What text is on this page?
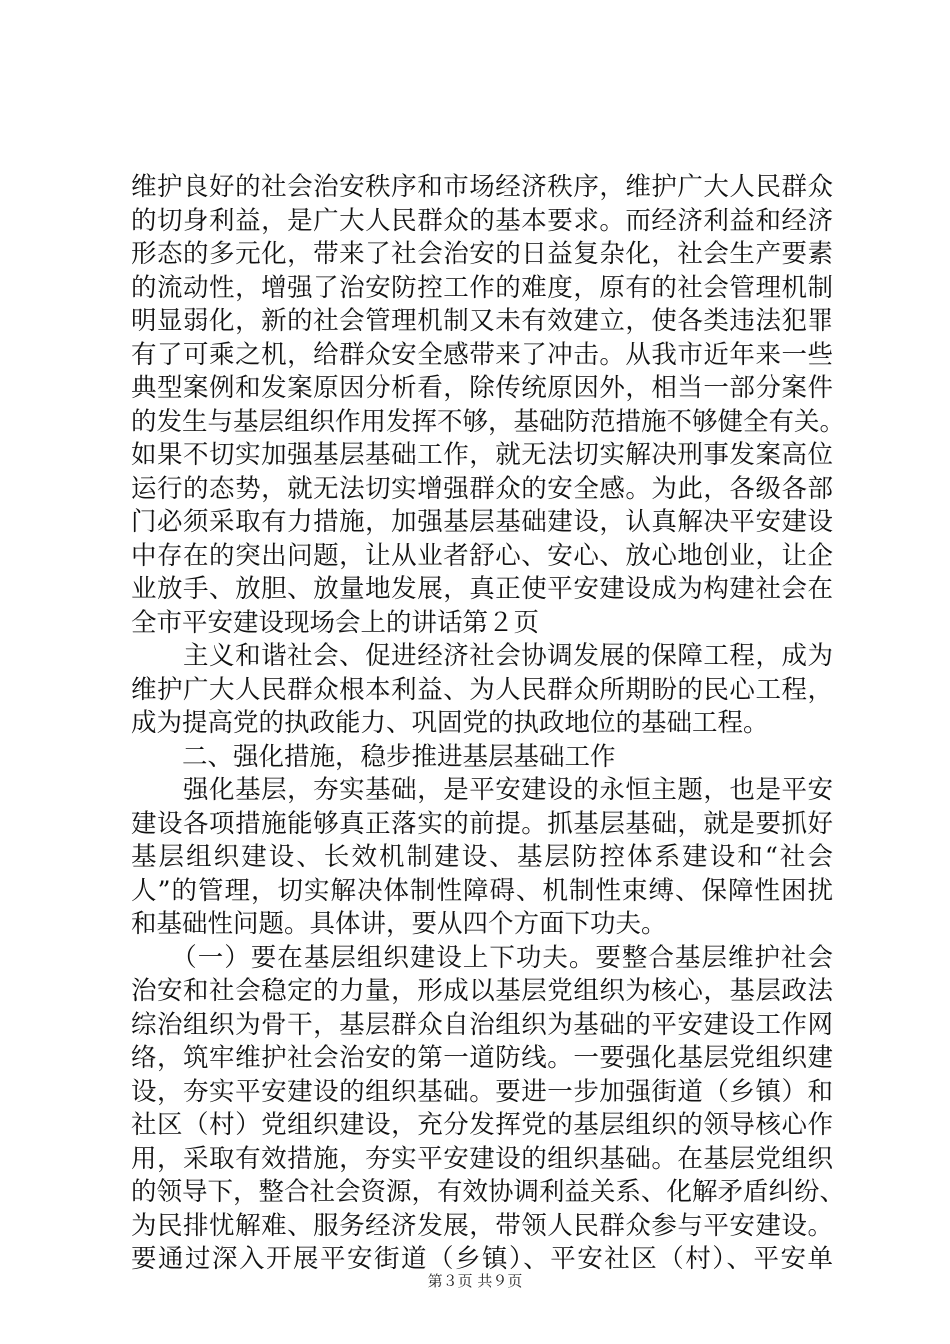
维护良好的社会治安秩序和市场经济秩序，维护广大人民群众
的切身利益，是广大人民群众的基本要求。而经济利益和经济
形态的多元化，带来了社会治安的日益复杂化，社会生产要素
的流动性，增强了治安防控工作的难度，原有的社会管理机制
明显弱化，新的社会管理机制又未有效建立，使各类违法犯罪
有了可乘之机，给群众安全感带来了冲击。从我市近年来一些
典型案例和发案原因分析看，除传统原因外，相当一部分案件
的发生与基层组织作用发挥不够，基础防范措施不够健全有关。
如果不切实加强基层基础工作，就无法切实解决刑事发案高位
运行的态势，就无法切实增强群众的安全感。为此，各级各部
门必须采取有力措施，加强基层基础建设，认真解决平安建设
中存在的突出问题，让从业者舒心、安心、放心地创业，让企
业放手、放胆、放量地发展，真正使平安建设成为构建社会在
全市平安建设现场会上的讲话第２页
　　主义和谐社会、促进经济社会协调发展的保障工程，成为
维护广大人民群众根本利益、为人民群众所期盼的民心工程，
成为提高党的执政能力、巩固党的执政地位的基础工程。
　　二、强化措施，稳步推进基层基础工作
　　强化基层，夯实基础，是平安建设的永恒主题，也是平安
建设各项措施能够真正落实的前提。抓基层基础，就是要抓好
基层组织建设、长效机制建设、基层防控体系建设和“社会
人”的管理，切实解决体制性障碍、机制性束缚、保障性困扰
和基础性问题。具体讲，要从四个方面下功夫。
　　（一）要在基层组织建设上下功夫。要整合基层维护社会
治安和社会稳定的力量，形成以基层党组织为核心，基层政法
综治组织为骨干，基层群众自治组织为基础的平安建设工作网
络，筑牢维护社会治安的第一道防线。一要强化基层党组织建
设，夯实平安建设的组织基础。要进一步加强街道（乡镇）和
社区（村）党组织建设，充分发挥党的基层组织的领导核心作
用，采取有效措施，夯实平安建设的组织基础。在基层党组织
的领导下，整合社会资源，有效协调利益关系、化解矛盾纠纷、
为民排忧解难、服务经济发展，带领人民群众参与平安建设。
要通过深入开展平安街道（乡镇）、平安社区（村）、平安单
第３页 共９页
